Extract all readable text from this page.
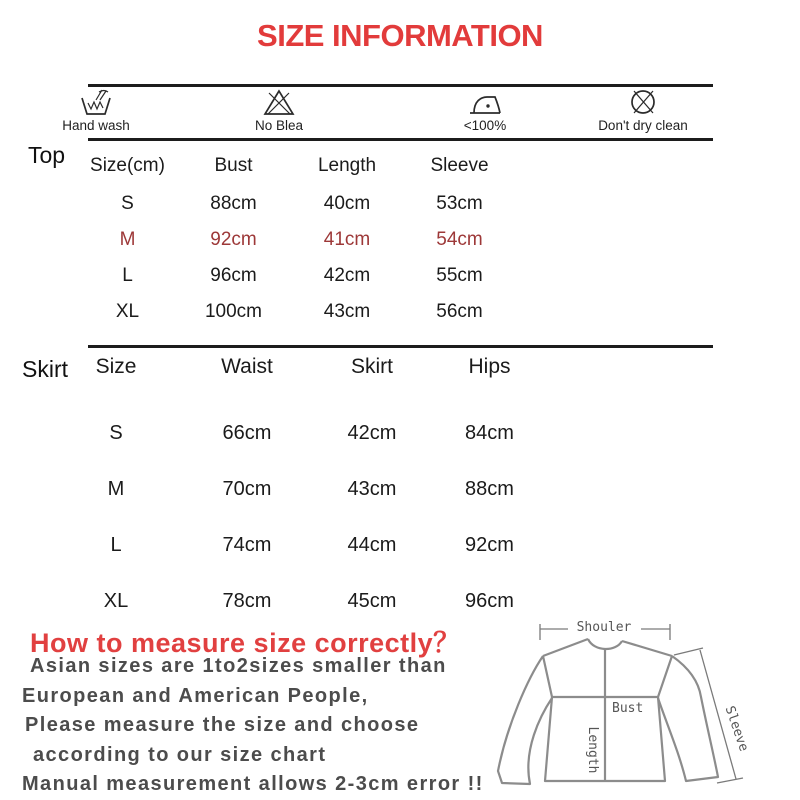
SIZE INFORMATION
Hand wash	No Blea	<100%	Don't dry clean
Top	Size(cm)	Bust	Length	Sleeve
S	88cm	40cm	53cm
M	92cm	41cm	54cm
L	96cm	42cm	55cm
XL	100cm	43cm	56cm
Skirt	Size	Waist	Skirt	Hips
S	66cm	42cm	84cm
M	70cm	43cm	88cm
L	74cm	44cm	92cm
XL	78cm	45cm	96cm
How to measure size correctly？
Asian sizes are 1to2sizes smaller than
European and American People,
Please measure the size and choose
according to our size chart
Manual measurement allows 2-3cm error !!
Shouler
Sleeve
Bust
Length
